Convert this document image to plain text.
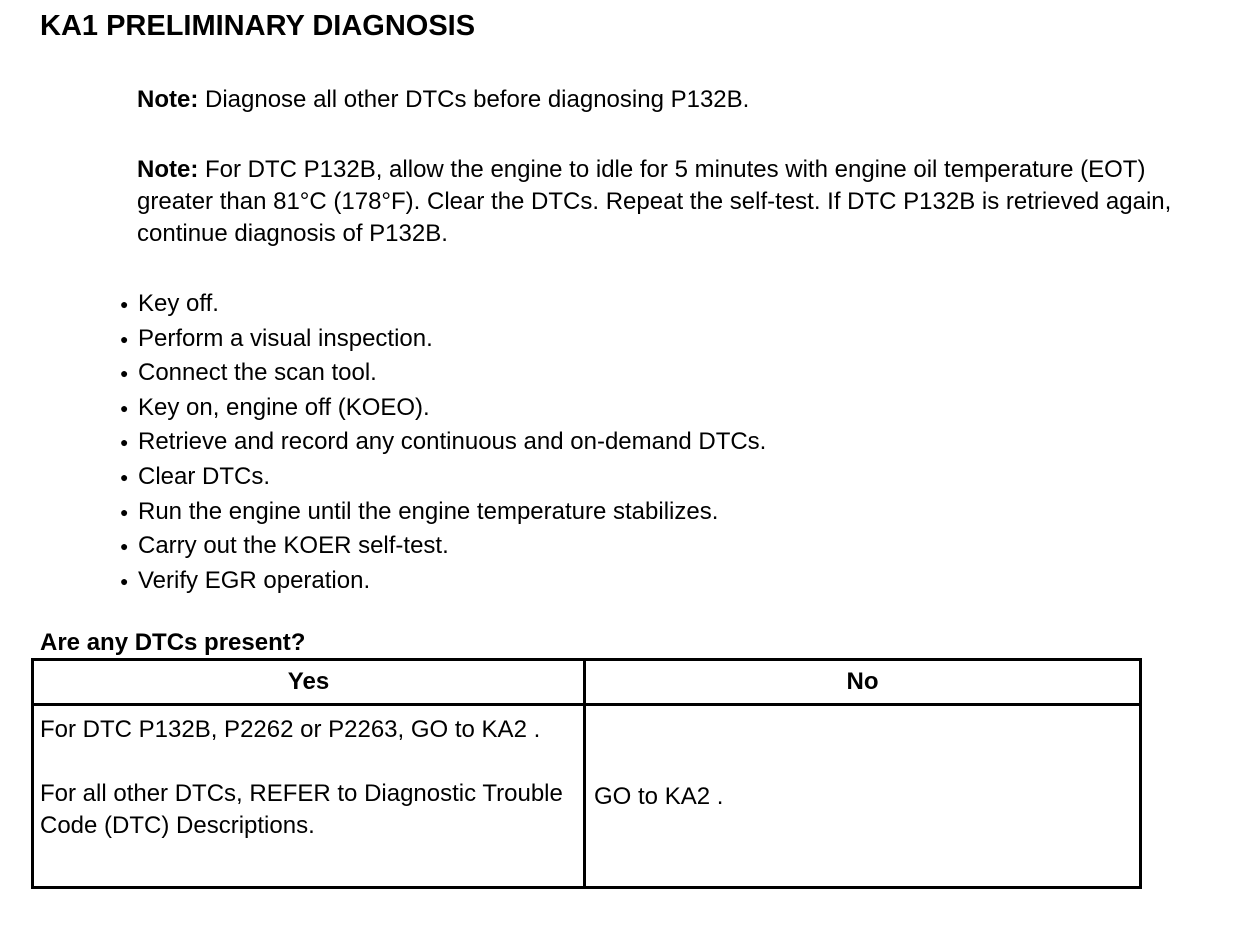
KA1 PRELIMINARY DIAGNOSIS

Note: Diagnose all other DTCs before diagnosing P132B.

Note: For DTC P132B, allow the engine to idle for 5 minutes with engine oil temperature (EOT) greater than 81°C (178°F). Clear the DTCs. Repeat the self-test. If DTC P132B is retrieved again, continue diagnosis of P132B.

● Key off.
● Perform a visual inspection.
● Connect the scan tool.
● Key on, engine off (KOEO).
● Retrieve and record any continuous and on-demand DTCs.
● Clear DTCs.
● Run the engine until the engine temperature stabilizes.
● Carry out the KOER self-test.
● Verify EGR operation.

Are any DTCs present?

Yes	No

For DTC P132B, P2262 or P2263, GO to KA2 .

For all other DTCs, REFER to Diagnostic Trouble Code (DTC) Descriptions.	GO to KA2 .
